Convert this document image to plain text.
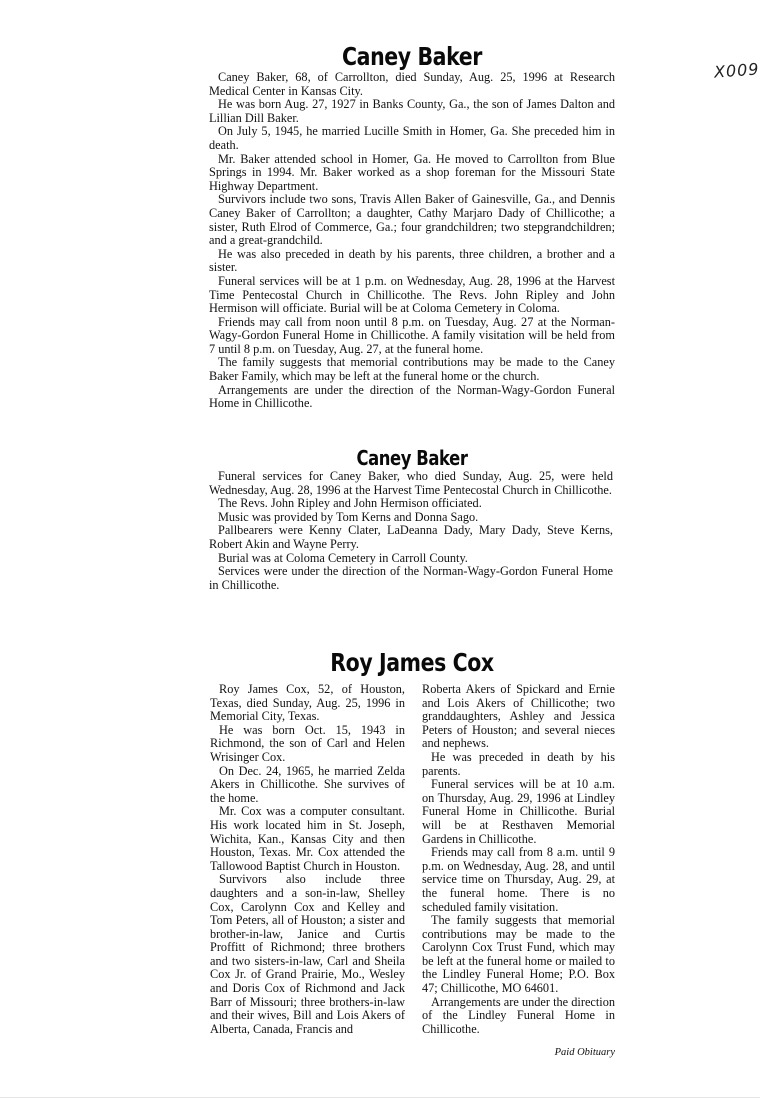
X009
Caney Baker

Caney Baker, 68, of Carrollton, died Sunday, Aug. 25, 1996 at Research Medical Center in Kansas City.

He was born Aug. 27, 1927 in Banks County, Ga., the son of James Dalton and Lillian Dill Baker.

On July 5, 1945, he married Lucille Smith in Homer, Ga. She preceded him in death.

Mr. Baker attended school in Homer, Ga. He moved to Carrollton from Blue Springs in 1994. Mr. Baker worked as a shop foreman for the Missouri State Highway Department.

Survivors include two sons, Travis Allen Baker of Gainesville, Ga., and Dennis Caney Baker of Carrollton; a daughter, Cathy Marjaro Dady of Chillicothe; a sister, Ruth Elrod of Commerce, Ga.; four grandchildren; two stepgrandchildren; and a great-grandchild.

He was also preceded in death by his parents, three children, a brother and a sister.

Funeral services will be at 1 p.m. on Wednesday, Aug. 28, 1996 at the Harvest Time Pentecostal Church in Chillicothe. The Revs. John Ripley and John Hermison will officiate. Burial will be at Coloma Cemetery in Coloma.

Friends may call from noon until 8 p.m. on Tuesday, Aug. 27 at the Norman-Wagy-Gordon Funeral Home in Chillicothe. A family visitation will be held from 7 until 8 p.m. on Tuesday, Aug. 27, at the funeral home.

The family suggests that memorial contributions may be made to the Caney Baker Family, which may be left at the funeral home or the church.

Arrangements are under the direction of the Norman-Wagy-Gordon Funeral Home in Chillicothe.

Caney Baker

Funeral services for Caney Baker, who died Sunday, Aug. 25, were held Wednesday, Aug. 28, 1996 at the Harvest Time Pentecostal Church in Chillicothe.

The Revs. John Ripley and John Hermison officiated.

Music was provided by Tom Kerns and Donna Sago.

Pallbearers were Kenny Clater, LaDeanna Dady, Mary Dady, Steve Kerns, Robert Akin and Wayne Perry.

Burial was at Coloma Cemetery in Carroll County.

Services were under the direction of the Norman-Wagy-Gordon Funeral Home in Chillicothe.

Roy James Cox

Roy James Cox, 52, of Houston, Texas, died Sunday, Aug. 25, 1996 in Memorial City, Texas.

He was born Oct. 15, 1943 in Richmond, the son of Carl and Helen Wrisinger Cox.

On Dec. 24, 1965, he married Zelda Akers in Chillicothe. She survives of the home.

Mr. Cox was a computer consultant. His work located him in St. Joseph, Wichita, Kan., Kansas City and then Houston, Texas. Mr. Cox attended the Tallowood Baptist Church in Houston.

Survivors also include three daughters and a son-in-law, Shelley Cox, Carolynn Cox and Kelley and Tom Peters, all of Houston; a sister and brother-in-law, Janice and Curtis Proffitt of Richmond; three brothers and two sisters-in-law, Carl and Sheila Cox Jr. of Grand Prairie, Mo., Wesley and Doris Cox of Richmond and Jack Barr of Missouri; three brothers-in-law and their wives, Bill and Lois Akers of Alberta, Canada, Francis and

Roberta Akers of Spickard and Ernie and Lois Akers of Chillicothe; two granddaughters, Ashley and Jessica Peters of Houston; and several nieces and nephews.

He was preceded in death by his parents.

Funeral services will be at 10 a.m. on Thursday, Aug. 29, 1996 at Lindley Funeral Home in Chillicothe. Burial will be at Resthaven Memorial Gardens in Chillicothe.

Friends may call from 8 a.m. until 9 p.m. on Wednesday, Aug. 28, and until service time on Thursday, Aug. 29, at the funeral home. There is no scheduled family visitation.

The family suggests that memorial contributions may be made to the Carolynn Cox Trust Fund, which may be left at the funeral home or mailed to the Lindley Funeral Home; P.O. Box 47; Chillicothe, MO 64601.

Arrangements are under the direction of the Lindley Funeral Home in Chillicothe.

Paid Obituary
